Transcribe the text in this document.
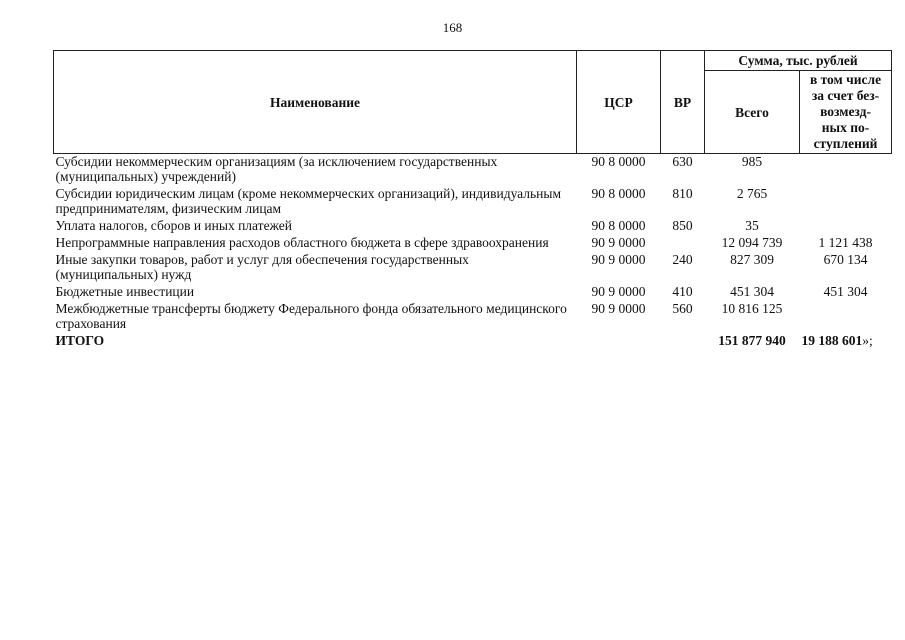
168
Наименование	ЦСР	ВР	Сумма, тыс. рублей	
			Всего	в том числе
за счет без-
возмезд-
ных по-
ступлений
Субсидии некоммерческим организациям (за исключением государственных (муниципальных) учреждений)	90 8 0000	630	985	
Субсидии юридическим лицам (кроме некоммерческих организаций), индивидуальным предпринимателям, физическим лицам	90 8 0000	810	2 765	
Уплата налогов, сборов и иных платежей	90 8 0000	850	35	
Непрограммные направления расходов областного бюджета в сфере здравоохранения	90 9 0000		12 094 739	1 121 438
Иные закупки товаров, работ и услуг для обеспечения государственных (муниципальных) нужд	90 9 0000	240	827 309	670 134
Бюджетные инвестиции	90 9 0000	410	451 304	451 304
Межбюджетные трансферты бюджету Федерального фонда обязательного медицинского страхования	90 9 0000	560	10 816 125	
ИТОГО			151 877 940	19 188 601»;
